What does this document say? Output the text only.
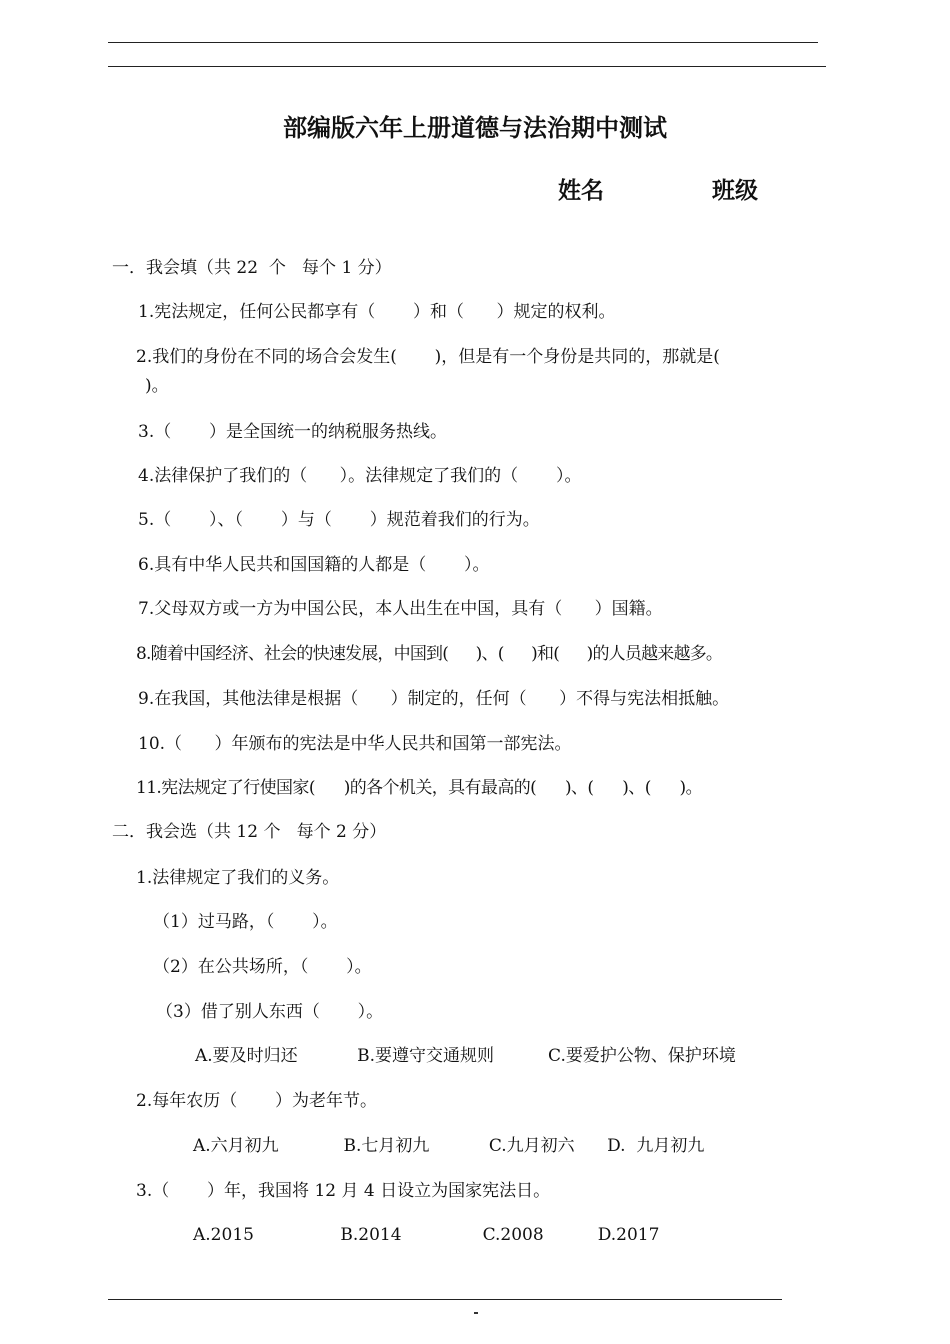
部编版六年上册道德与法治期中测试
姓名	班级
一．我会填（共 22  个   每个 1 分）
1.宪法规定，任何公民都享有（       ）和（      ）规定的权利。
2.我们的身份在不同的场合会发生(       )，但是有一个身份是共同的，那就是(
)。
3.（       ）是全国统一的纳税服务热线。
4.法律保护了我们的（      ）。法律规定了我们的（       ）。
5.（       ）、（       ）与（       ）规范着我们的行为。
6.具有中华人民共和国国籍的人都是（       ）。
7.父母双方或一方为中国公民，本人出生在中国，具有（      ）国籍。
8.随着中国经济、社会的快速发展，中国到(      )、(      )和(      )的人员越来越多。
9.在我国，其他法律是根据（      ）制定的，任何（      ）不得与宪法相抵触。
10.（      ）年颁布的宪法是中华人民共和国第一部宪法。
11.宪法规定了行使国家(      )的各个机关，具有最高的(      )、(      )、(      )。
二．我会选（共 12 个   每个 2 分）
1.法律规定了我们的义务。
（1）过马路，（       ）。
（2）在公共场所，（       ）。
（3）借了别人东西（       ）。
A.要及时归还           B.要遵守交通规则          C.要爱护公物、保护环境
2.每年农历（       ）为老年节。
A.六月初九            B.七月初九           C.九月初六      D.  九月初九
3.（       ）年，我国将 12 月 4 日设立为国家宪法日。
A.2015                B.2014               C.2008          D.2017
